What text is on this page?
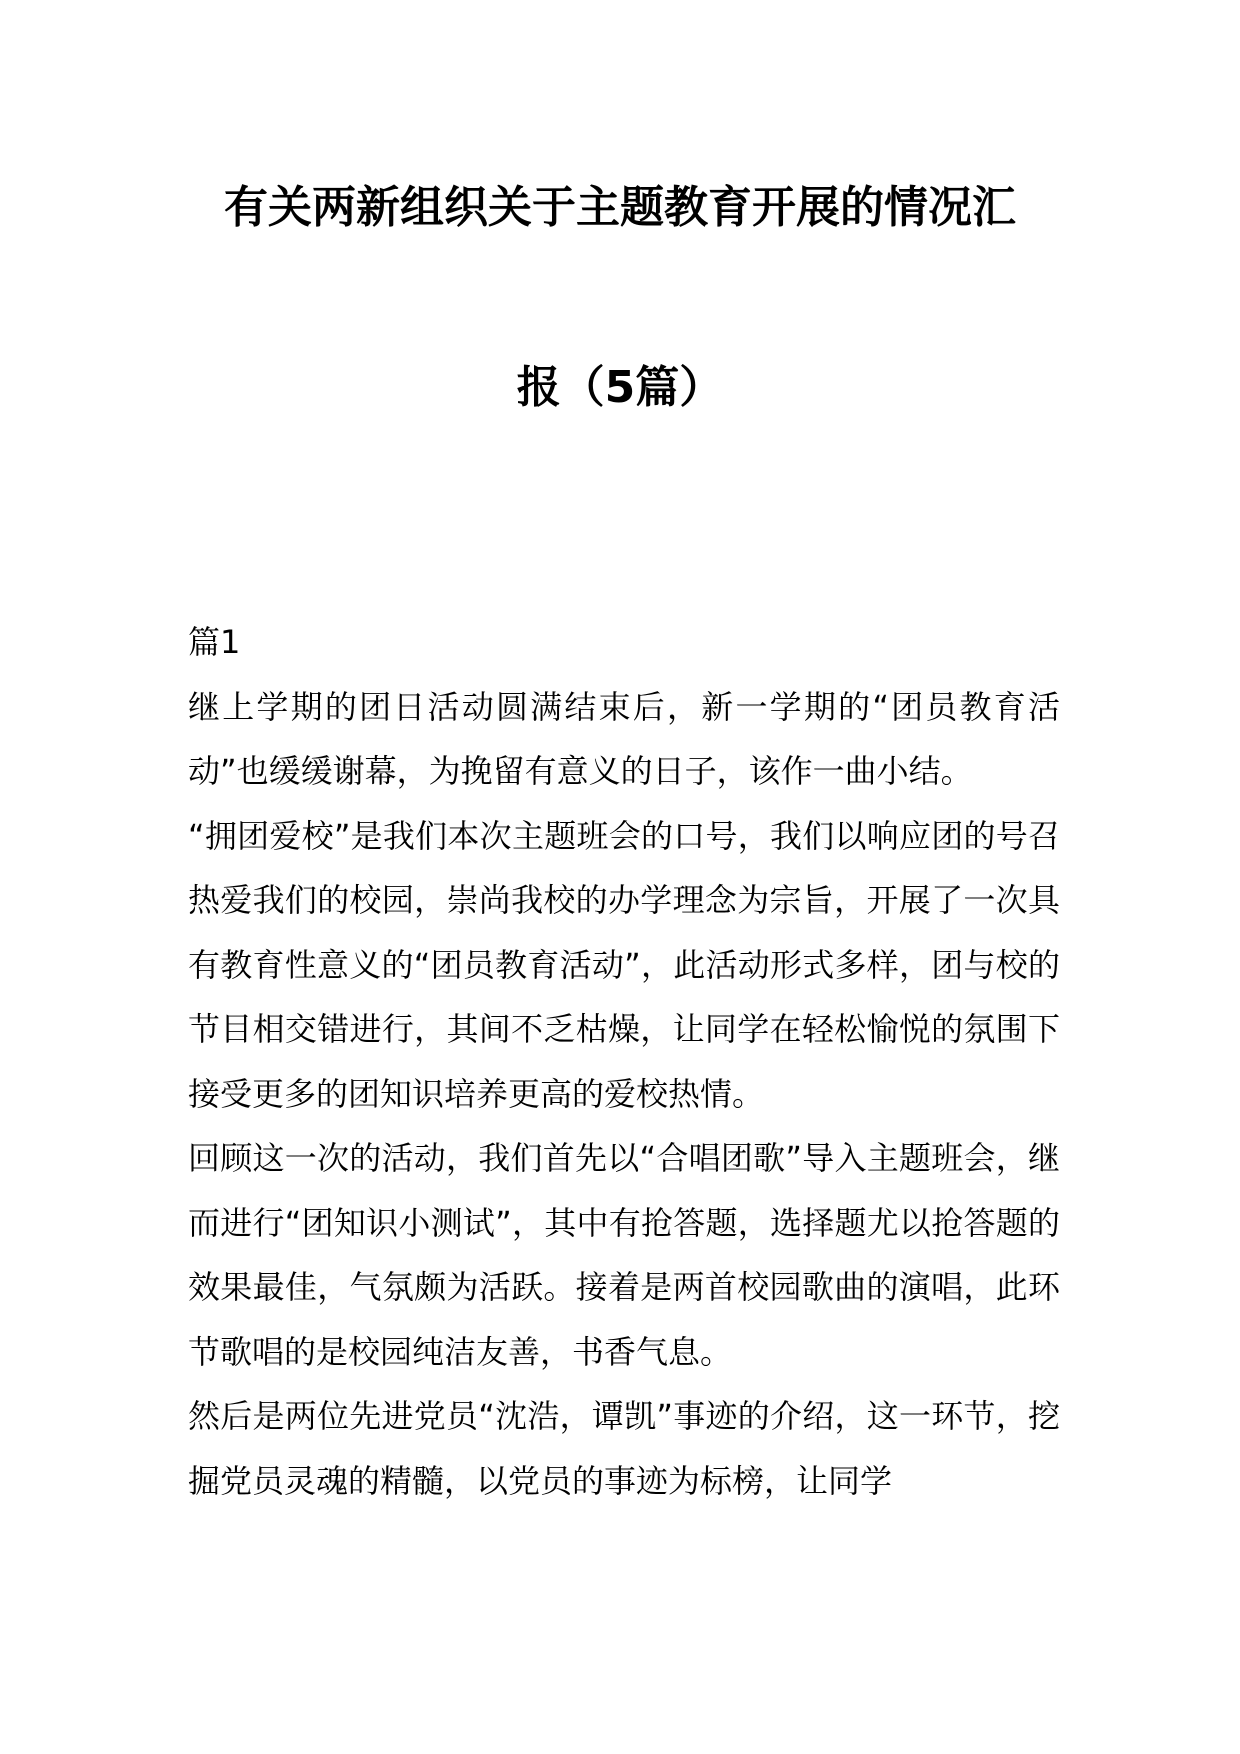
有关两新组织关于主题教育开展的情况汇
报（5篇）

篇1

继上学期的团日活动圆满结束后，新一学期的“团员教育活动”也缓缓谢幕，为挽留有意义的日子，该作一曲小结。

“拥团爱校”是我们本次主题班会的口号，我们以响应团的号召热爱我们的校园，崇尚我校的办学理念为宗旨，开展了一次具有教育性意义的“团员教育活动”，此活动形式多样，团与校的节目相交错进行，其间不乏枯燥，让同学在轻松愉悦的氛围下接受更多的团知识培养更高的爱校热情。

回顾这一次的活动，我们首先以“合唱团歌”导入主题班会，继而进行“团知识小测试”，其中有抢答题，选择题尤以抢答题的效果最佳，气氛颇为活跃。接着是两首校园歌曲的演唱，此环节歌唱的是校园纯洁友善，书香气息。

然后是两位先进党员“沈浩，谭凯”事迹的介绍，这一环节，挖掘党员灵魂的精髓，以党员的事迹为标榜，让同学
